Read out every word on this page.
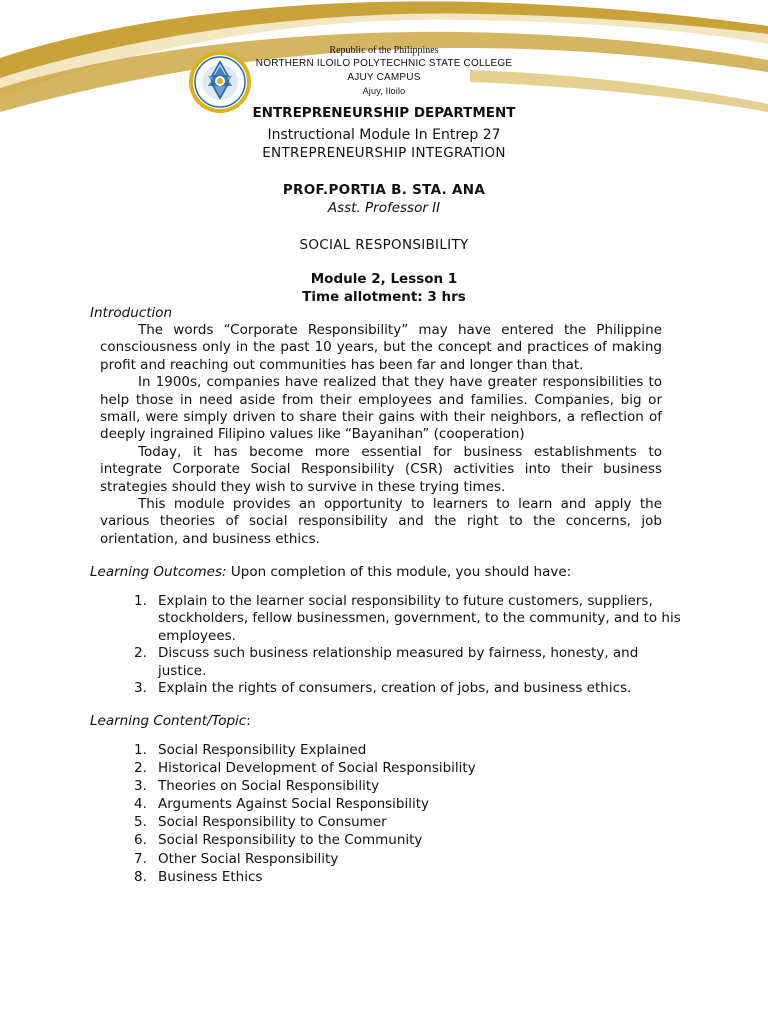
Republic of the Philippines
NORTHERN ILOILO POLYTECHNIC STATE COLLEGE
AJUY CAMPUS
Ajuy, Iloilo
ENTREPRENEURSHIP DEPARTMENT
Instructional Module In Entrep 27
ENTREPRENEURSHIP INTEGRATION
PROF.PORTIA B. STA. ANA
Asst. Professor II
SOCIAL RESPONSIBILITY
Module 2, Lesson 1
Time allotment: 3 hrs
Introduction

The words “Corporate Responsibility” may have entered the Philippine consciousness only in the past 10 years, but the concept and practices of making profit and reaching out communities has been far and longer than that.

In 1900s, companies have realized that they have greater responsibilities to help those in need aside from their employees and families. Companies, big or small, were simply driven to share their gains with their neighbors, a reflection of deeply ingrained Filipino values like “Bayanihan” (cooperation)

Today, it has become more essential for business establishments to integrate Corporate Social Responsibility (CSR) activities into their business strategies should they wish to survive in these trying times.

This module provides an opportunity to learners to learn and apply the various theories of social responsibility and the right to the concerns, job orientation, and business ethics.

Learning Outcomes: Upon completion of this module, you should have:
1. Explain to the learner social responsibility to future customers, suppliers, stockholders, fellow businessmen, government, to the community, and to his employees.
2. Discuss such business relationship measured by fairness, honesty, and justice.
3. Explain the rights of consumers, creation of jobs, and business ethics.
Learning Content/Topic:
1. Social Responsibility Explained
2. Historical Development of Social Responsibility
3. Theories on Social Responsibility
4. Arguments Against Social Responsibility
5. Social Responsibility to Consumer
6. Social Responsibility to the Community
7. Other Social Responsibility
8. Business Ethics
